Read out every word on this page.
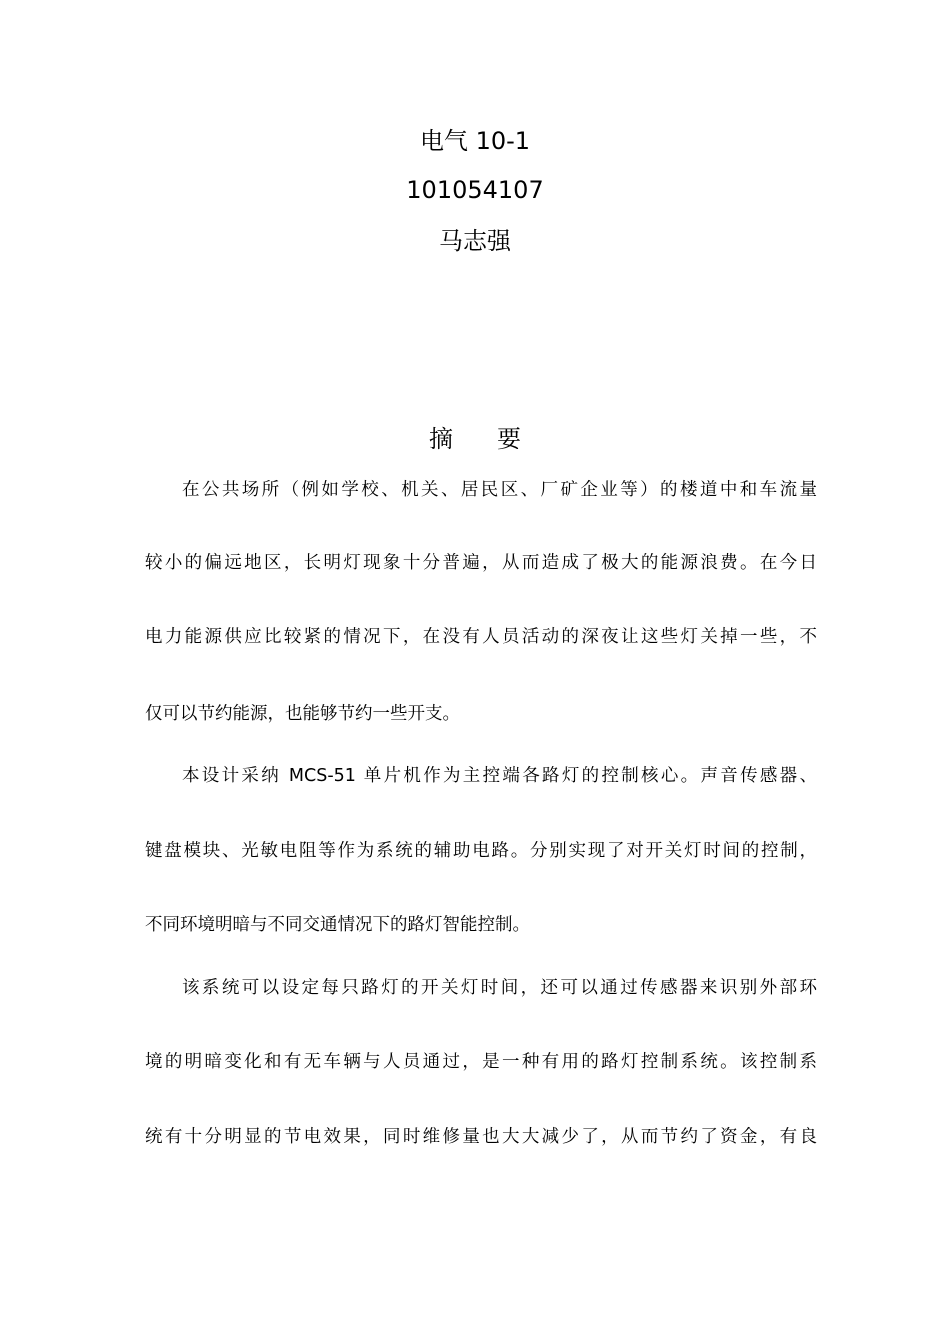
电气 10-1
101054107
马志强
摘 要
在公共场所（例如学校、机关、居民区、厂矿企业等）的楼道中和车流量
较小的偏远地区，长明灯现象十分普遍，从而造成了极大的能源浪费。在今日
电力能源供应比较紧的情况下，在没有人员活动的深夜让这些灯关掉一些，不
仅可以节约能源，也能够节约一些开支。
本设计采纳 MCS-51 单片机作为主控端各路灯的控制核心。声音传感器、
键盘模块、光敏电阻等作为系统的辅助电路。分别实现了对开关灯时间的控制，
不同环境明暗与不同交通情况下的路灯智能控制。
该系统可以设定每只路灯的开关灯时间，还可以通过传感器来识别外部环
境的明暗变化和有无车辆与人员通过，是一种有用的路灯控制系统。该控制系
统有十分明显的节电效果，同时维修量也大大减少了，从而节约了资金，有良
